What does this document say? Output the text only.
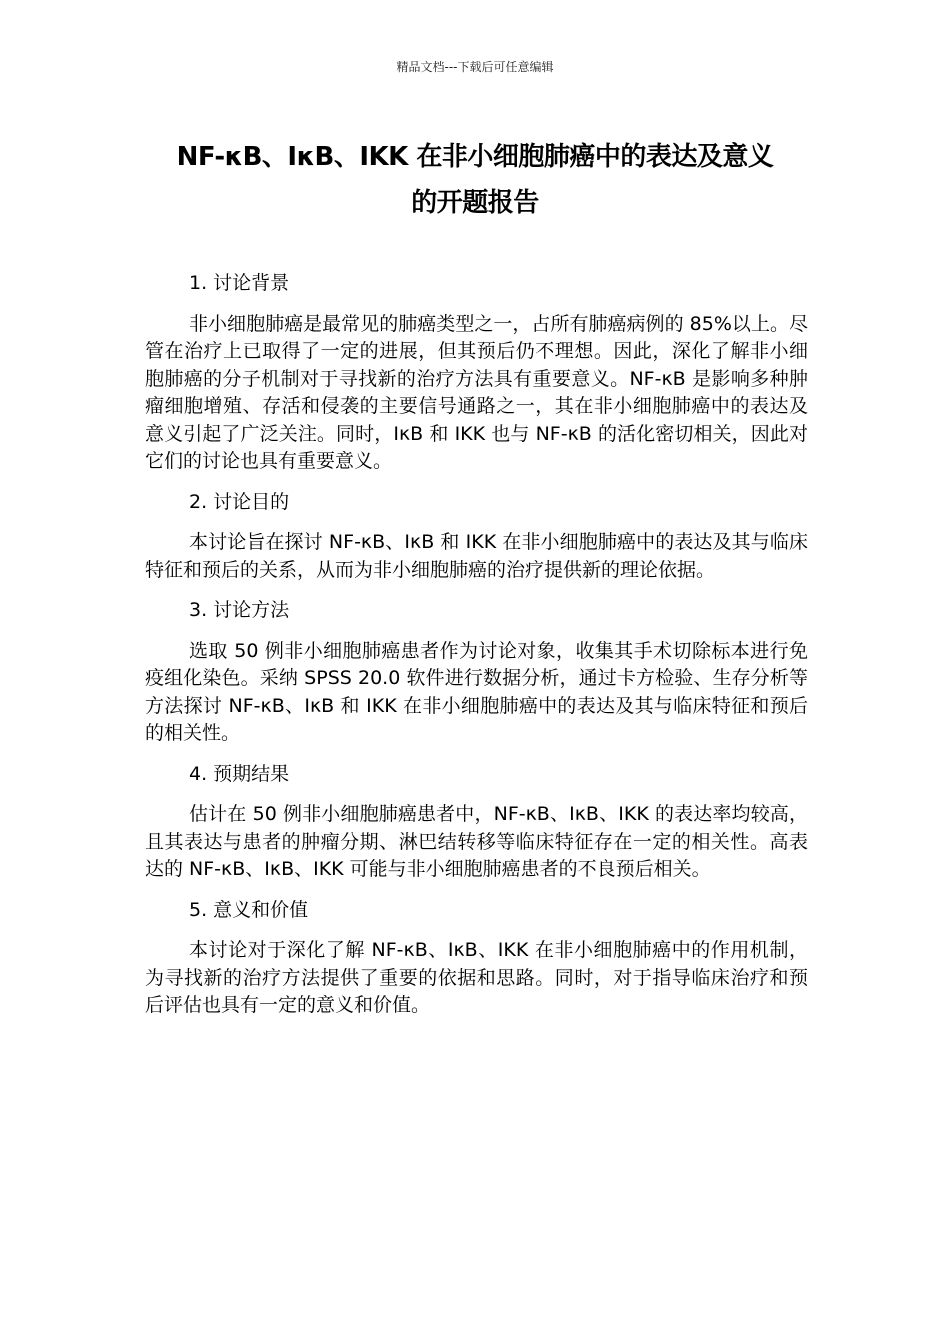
精品文档---下载后可任意编辑
NF-κB、IκB、IKK 在非小细胞肺癌中的表达及意义
的开题报告

1. 讨论背景

非小细胞肺癌是最常见的肺癌类型之一，占所有肺癌病例的 85%以上。尽管在治疗上已取得了一定的进展，但其预后仍不理想。因此，深化了解非小细胞肺癌的分子机制对于寻找新的治疗方法具有重要意义。NF-κB 是影响多种肿瘤细胞增殖、存活和侵袭的主要信号通路之一，其在非小细胞肺癌中的表达及意义引起了广泛关注。同时，IκB 和 IKK 也与 NF-κB 的活化密切相关，因此对它们的讨论也具有重要意义。

2. 讨论目的

本讨论旨在探讨 NF-κB、IκB 和 IKK 在非小细胞肺癌中的表达及其与临床特征和预后的关系，从而为非小细胞肺癌的治疗提供新的理论依据。

3. 讨论方法

选取 50 例非小细胞肺癌患者作为讨论对象，收集其手术切除标本进行免疫组化染色。采纳 SPSS 20.0 软件进行数据分析，通过卡方检验、生存分析等方法探讨 NF-κB、IκB 和 IKK 在非小细胞肺癌中的表达及其与临床特征和预后的相关性。

4. 预期结果

估计在 50 例非小细胞肺癌患者中，NF-κB、IκB、IKK 的表达率均较高，且其表达与患者的肿瘤分期、淋巴结转移等临床特征存在一定的相关性。高表达的 NF-κB、IκB、IKK 可能与非小细胞肺癌患者的不良预后相关。

5. 意义和价值

本讨论对于深化了解 NF-κB、IκB、IKK 在非小细胞肺癌中的作用机制，为寻找新的治疗方法提供了重要的依据和思路。同时，对于指导临床治疗和预后评估也具有一定的意义和价值。
